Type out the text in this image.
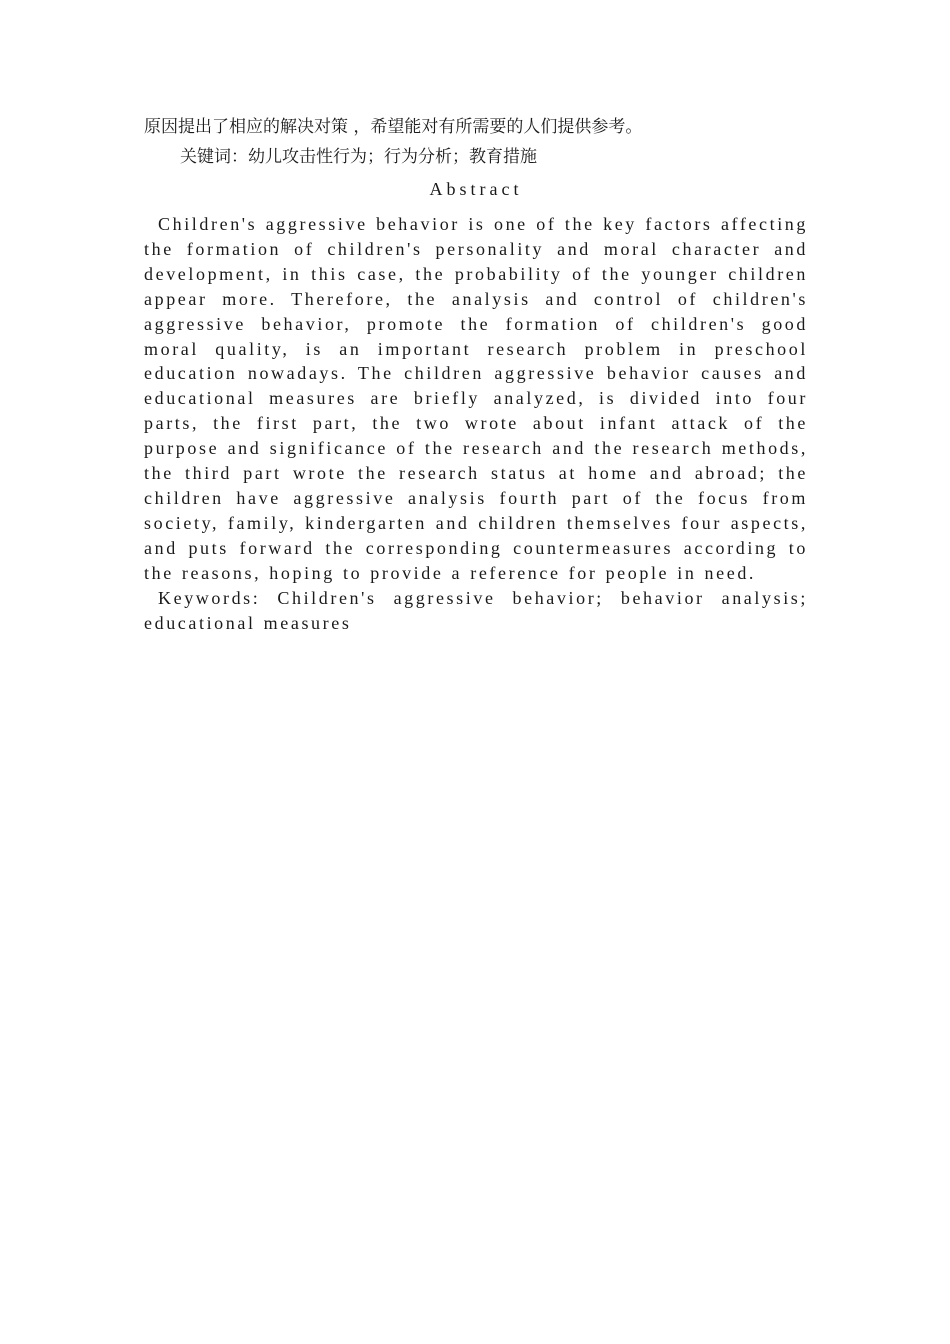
原因提出了相应的解决对策 ，希望能对有所需要的人们提供参考。
关键词：幼儿攻击性行为；行为分析；教育措施
Abstract

Children's aggressive behavior is one of the key factors affecting the formation of children's personality and moral character and development, in this case, the probability of the younger children appear more. Therefore, the analysis and control of children's aggressive behavior, promote the formation of children's good moral quality, is an important research problem in preschool education nowadays. The children aggressive behavior causes and educational measures are briefly analyzed, is divided into four parts, the first part, the two wrote about infant attack of the purpose and significance of the research and the research methods, the third part wrote the research status at home and abroad; the children have aggressive analysis fourth part of the focus from society, family, kindergarten and children themselves four aspects, and puts forward the corresponding countermeasures according to the reasons, hoping to provide a reference for people in need.

Keywords: Children's aggressive behavior; behavior analysis; educational measures
